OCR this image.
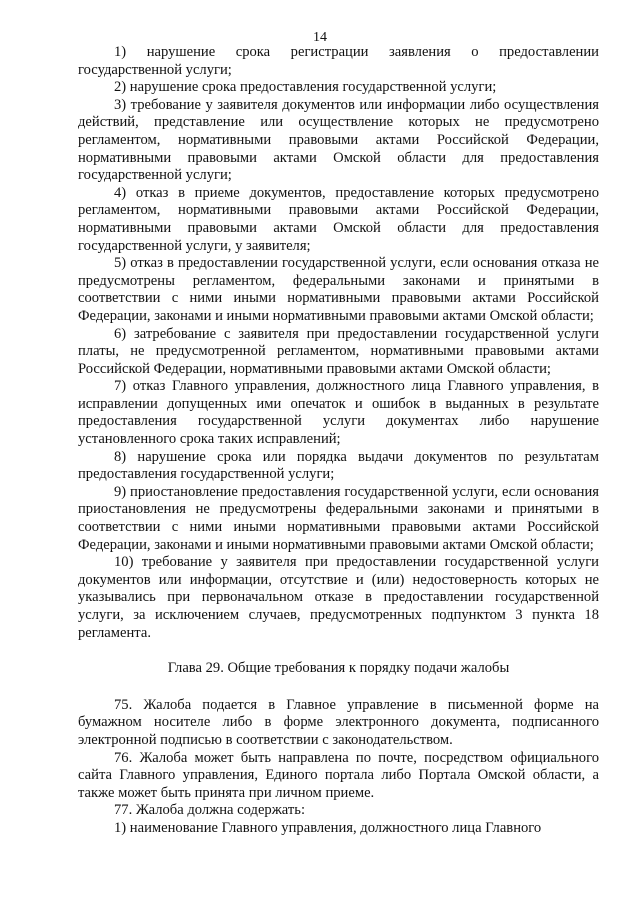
14

1) нарушение срока регистрации заявления о предоставлении государственной услуги;

2) нарушение срока предоставления государственной услуги;

3) требование у заявителя документов или информации либо осуществления действий, представление или осуществление которых не предусмотрено регламентом, нормативными правовыми актами Российской Федерации, нормативными правовыми актами Омской области для предоставления государственной услуги;

4) отказ в приеме документов, предоставление которых предусмотрено регламентом, нормативными правовыми актами Российской Федерации, нормативными правовыми актами Омской области для предоставления государственной услуги, у заявителя;

5) отказ в предоставлении государственной услуги, если основания отказа не предусмотрены регламентом, федеральными законами и принятыми в соответствии с ними иными нормативными правовыми актами Российской Федерации, законами и иными нормативными правовыми актами Омской области;

6) затребование с заявителя при предоставлении государственной услуги платы, не предусмотренной регламентом, нормативными правовыми актами Российской Федерации, нормативными правовыми актами Омской области;

7) отказ Главного управления, должностного лица Главного управления, в исправлении допущенных ими опечаток и ошибок в выданных в результате предоставления государственной услуги документах либо нарушение установленного срока таких исправлений;

8) нарушение срока или порядка выдачи документов по результатам предоставления государственной услуги;

9) приостановление предоставления государственной услуги, если основания приостановления не предусмотрены федеральными законами и принятыми в соответствии с ними иными нормативными правовыми актами Российской Федерации, законами и иными нормативными правовыми актами Омской области;

10) требование у заявителя при предоставлении государственной услуги документов или информации, отсутствие и (или) недостоверность которых не указывались при первоначальном отказе в предоставлении государственной услуги, за исключением случаев, предусмотренных подпунктом 3 пункта 18 регламента.

Глава 29. Общие требования к порядку подачи жалобы

75. Жалоба подается в Главное управление в письменной форме на бумажном носителе либо в форме электронного документа, подписанного электронной подписью в соответствии с законодательством.

76. Жалоба может быть направлена по почте, посредством официального сайта Главного управления, Единого портала либо Портала Омской области, а также может быть принята при личном приеме.

77. Жалоба должна содержать:

1) наименование Главного управления, должностного лица Главного
